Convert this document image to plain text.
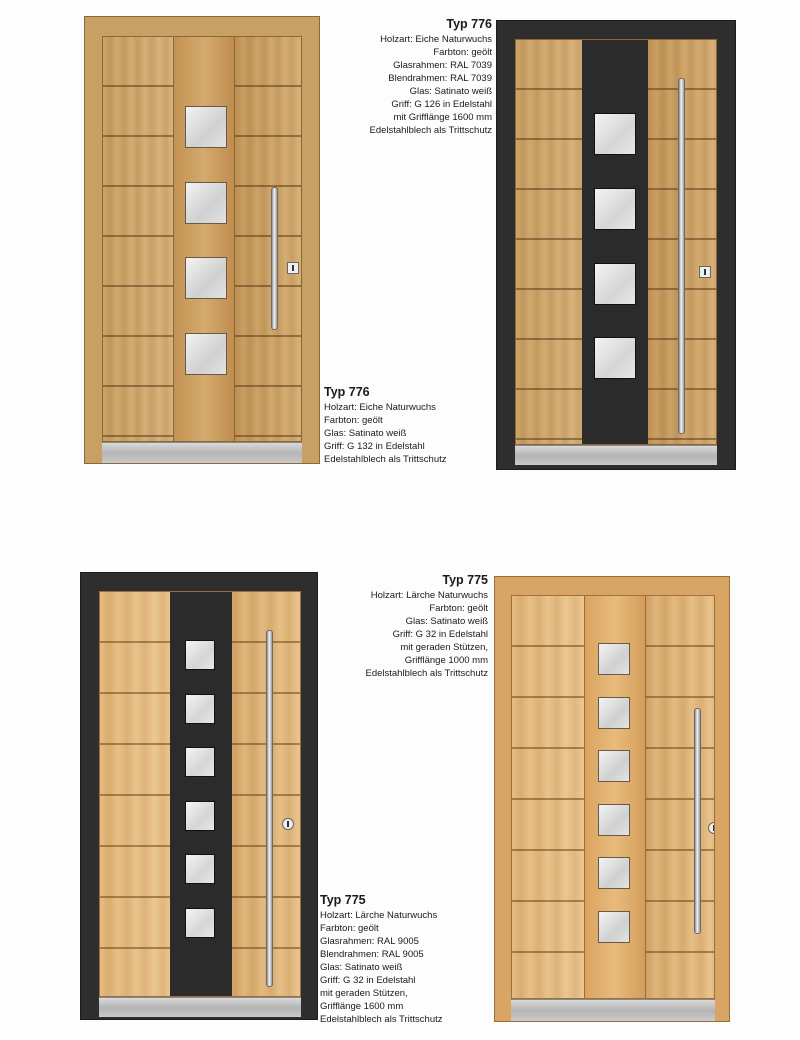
Typ 776
Holzart: Eiche Naturwuchs
Farbton: geölt
Glas: Satinato weiß
Griff: G 132 in Edelstahl
Edelstahlblech als Trittschutz
Typ 776
Holzart: Eiche Naturwuchs
Farbton: geölt
Glasrahmen: RAL 7039
Blendrahmen: RAL 7039
Glas: Satinato weiß
Griff: G 126 in Edelstahl
mit Grifflänge 1600 mm
Edelstahlblech als Trittschutz
Typ 775
Holzart: Lärche Naturwuchs
Farbton: geölt
Glasrahmen: RAL 9005
Blendrahmen: RAL 9005
Glas: Satinato weiß
Griff: G 32 in Edelstahl
mit geraden Stützen,
Grifflänge 1600 mm
Edelstahlblech als Trittschutz
Typ 775
Holzart: Lärche Naturwuchs
Farbton: geölt
Glas: Satinato weiß
Griff: G 32 in Edelstahl
mit geraden Stützen,
Grifflänge 1000 mm
Edelstahlblech als Trittschutz
